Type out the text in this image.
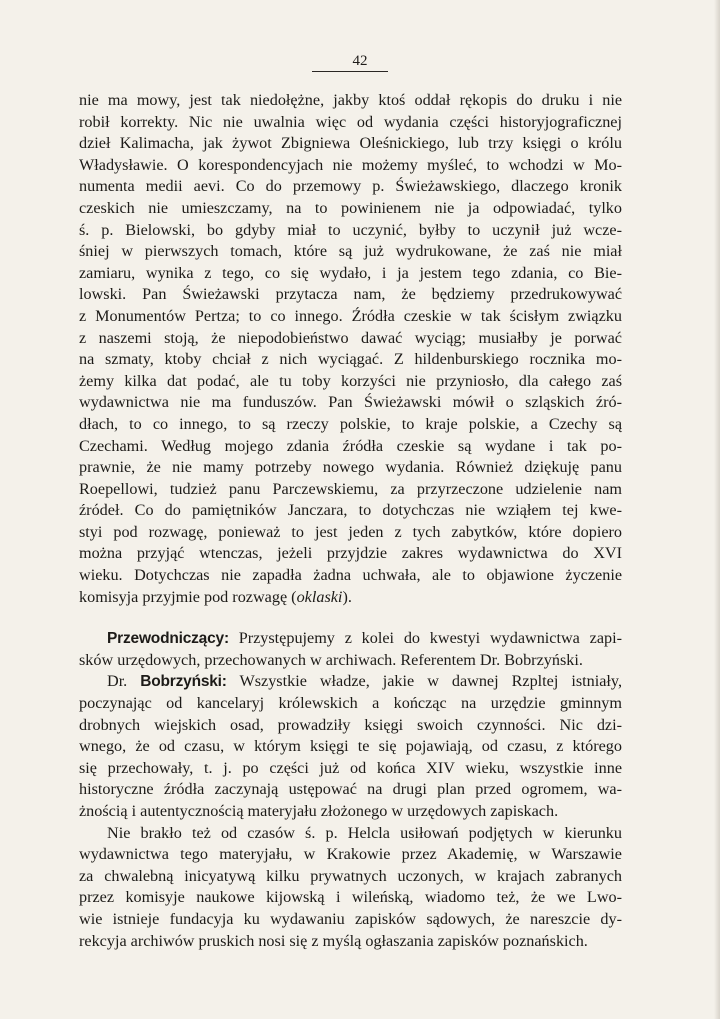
42
nie ma mowy, jest tak niedołężne, jakby ktoś oddał rękopis do druku i nie
robił korrekty. Nic nie uwalnia więc od wydania części historyjograficznej
dzieł Kalimacha, jak żywot Zbigniewa Oleśnickiego, lub trzy księgi o królu
Władysławie. O korespondencyjach nie możemy myśleć, to wchodzi w Mo-
numenta medii aevi. Co do przemowy p. Świeżawskiego, dlaczego kronik
czeskich nie umieszczamy, na to powinienem nie ja odpowiadać, tylko
ś. p. Bielowski, bo gdyby miał to uczynić, byłby to uczynił już wcze-
śniej w pierwszych tomach, które są już wydrukowane, że zaś nie miał
zamiaru, wynika z tego, co się wydało, i ja jestem tego zdania, co Bie-
lowski. Pan Świeżawski przytacza nam, że będziemy przedrukowywać
z Monumentów Pertza; to co innego. Źródła czeskie w tak ścisłym związku
z naszemi stoją, że niepodobieństwo dawać wyciąg; musiałby je porwać
na szmaty, ktoby chciał z nich wyciągać. Z hildenburskiego rocznika mo-
żemy kilka dat podać, ale tu toby korzyści nie przyniosło, dla całego zaś
wydawnictwa nie ma funduszów. Pan Świeżawski mówił o szląskich źró-
dłach, to co innego, to są rzeczy polskie, to kraje polskie, a Czechy są
Czechami. Według mojego zdania źródła czeskie są wydane i tak po-
prawnie, że nie mamy potrzeby nowego wydania. Również dziękuję panu
Roepellowi, tudzież panu Parczewskiemu, za przyrzeczone udzielenie nam
źródeł. Co do pamiętników Janczara, to dotychczas nie wziąłem tej kwe-
styi pod rozwagę, ponieważ to jest jeden z tych zabytków, które dopiero
można przyjąć wtenczas, jeżeli przyjdzie zakres wydawnictwa do XVI
wieku. Dotychczas nie zapadła żadna uchwała, ale to objawione życzenie
komisyja przyjmie pod rozwagę (oklaski).
Przewodniczący: Przystępujemy z kolei do kwestyi wydawnictwa zapi-
sków urzędowych, przechowanych w archiwach. Referentem Dr. Bobrzyński.
Dr. Bobrzyński: Wszystkie władze, jakie w dawnej Rzpltej istniały,
poczynając od kancelaryj królewskich a kończąc na urzędzie gminnym
drobnych wiejskich osad, prowadziły księgi swoich czynności. Nic dzi-
wnego, że od czasu, w którym księgi te się pojawiają, od czasu, z którego
się przechowały, t. j. po części już od końca XIV wieku, wszystkie inne
historyczne źródła zaczynają ustępować na drugi plan przed ogromem, wa-
żnością i autentycznością materyjału złożonego w urzędowych zapiskach.
Nie brakło też od czasów ś. p. Helcla usiłowań podjętych w kierunku
wydawnictwa tego materyjału, w Krakowie przez Akademię, w Warszawie
za chwalebną inicyatywą kilku prywatnych uczonych, w krajach zabranych
przez komisyje naukowe kijowską i wileńską, wiadomo też, że we Lwo-
wie istnieje fundacyja ku wydawaniu zapisków sądowych, że nareszcie dy-
rekcyja archiwów pruskich nosi się z myślą ogłaszania zapisków poznańskich.
